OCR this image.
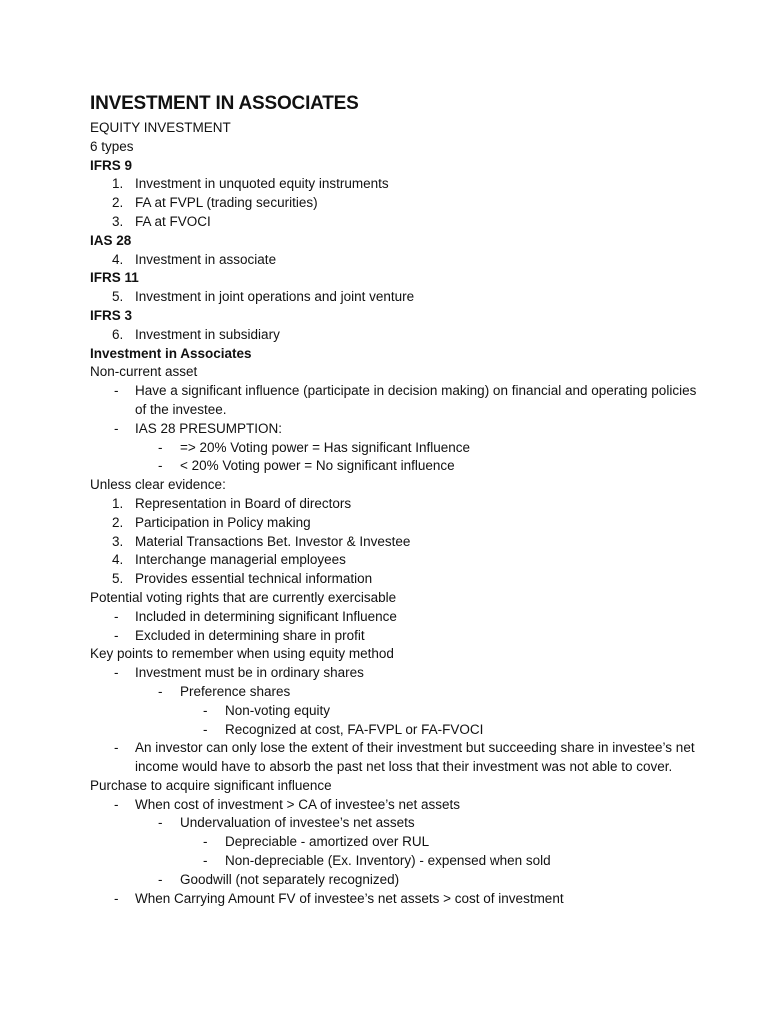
INVESTMENT IN ASSOCIATES
EQUITY INVESTMENT
6 types
IFRS 9
1. Investment in unquoted equity instruments
2. FA at FVPL (trading securities)
3. FA at FVOCI
IAS 28
4. Investment in associate
IFRS 11
5. Investment in joint operations and joint venture
IFRS 3
6. Investment in subsidiary
Investment in Associates
Non-current asset
- Have a significant influence (participate in decision making) on financial and operating policies of the investee.
- IAS 28 PRESUMPTION:
- => 20% Voting power = Has significant Influence
- < 20% Voting power = No significant influence
Unless clear evidence:
1. Representation in Board of directors
2. Participation in Policy making
3. Material Transactions Bet. Investor & Investee
4. Interchange managerial employees
5. Provides essential technical information
Potential voting rights that are currently exercisable
- Included in determining significant Influence
- Excluded in determining share in profit
Key points to remember when using equity method
- Investment must be in ordinary shares
- Preference shares
- Non-voting equity
- Recognized at cost, FA-FVPL or FA-FVOCI
- An investor can only lose the extent of their investment but succeeding share in investee’s net income would have to absorb the past net loss that their investment was not able to cover.
Purchase to acquire significant influence
- When cost of investment > CA of investee’s net assets
- Undervaluation of investee’s net assets
- Depreciable - amortized over RUL
- Non-depreciable (Ex. Inventory) - expensed when sold
- Goodwill (not separately recognized)
- When Carrying Amount FV of investee’s net assets > cost of investment
